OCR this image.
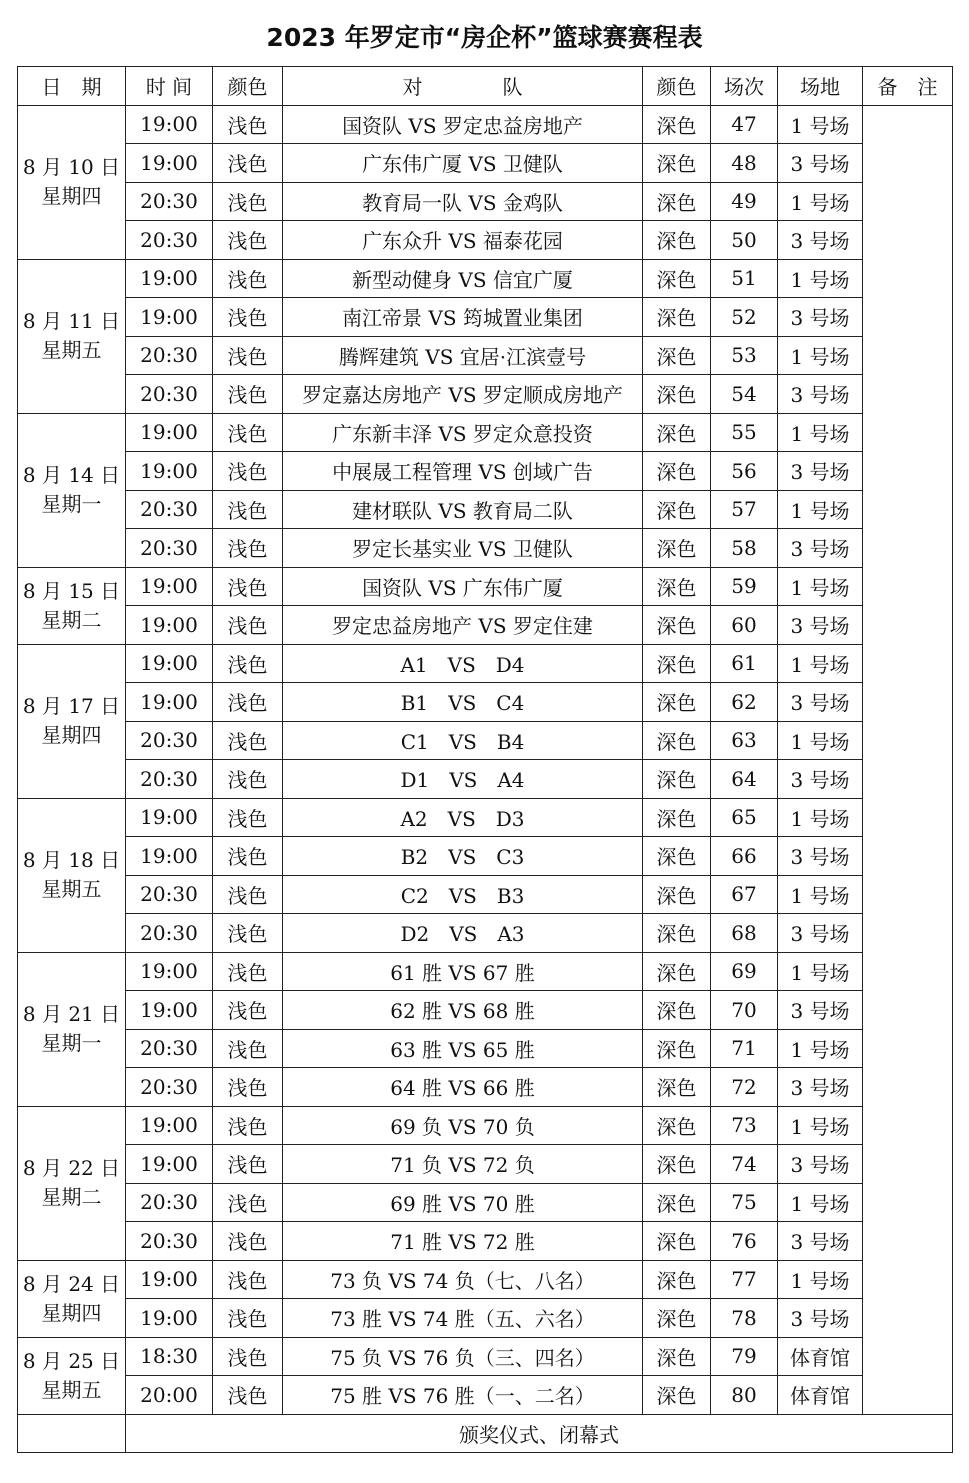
2023 年罗定市“房企杯”篮球赛赛程表
日　期	时 间	颜色	对　　　　队	颜色	场次	场地	备　注

8 月 10 日
星期四	19:00	浅色	国资队 VS 罗定忠益房地产	深色	47	1 号场	
	19:00	浅色	广东伟广厦 VS 卫健队	深色	48	3 号场	
	20:30	浅色	教育局一队 VS 金鸡队	深色	49	1 号场	
	20:30	浅色	广东众升 VS 福泰花园	深色	50	3 号场	

8 月 11 日
星期五	19:00	浅色	新型动健身 VS 信宜广厦	深色	51	1 号场	
	19:00	浅色	南江帝景 VS 筠城置业集团	深色	52	3 号场	
	20:30	浅色	腾辉建筑 VS 宜居·江滨壹号	深色	53	1 号场	
	20:30	浅色	罗定嘉达房地产 VS 罗定顺成房地产	深色	54	3 号场	

8 月 14 日
星期一	19:00	浅色	广东新丰泽 VS 罗定众意投资	深色	55	1 号场	
	19:00	浅色	中展晟工程管理 VS 创域广告	深色	56	3 号场	
	20:30	浅色	建材联队 VS 教育局二队	深色	57	1 号场	
	20:30	浅色	罗定长基实业 VS 卫健队	深色	58	3 号场	

8 月 15 日
星期二	19:00	浅色	国资队 VS 广东伟广厦	深色	59	1 号场	
	19:00	浅色	罗定忠益房地产 VS 罗定住建	深色	60	3 号场	

8 月 17 日
星期四	19:00	浅色	A1　VS　D4	深色	61	1 号场	
	19:00	浅色	B1　VS　C4	深色	62	3 号场	
	20:30	浅色	C1　VS　B4	深色	63	1 号场	
	20:30	浅色	D1　VS　A4	深色	64	3 号场	

8 月 18 日
星期五	19:00	浅色	A2　VS　D3	深色	65	1 号场	
	19:00	浅色	B2　VS　C3	深色	66	3 号场	
	20:30	浅色	C2　VS　B3	深色	67	1 号场	
	20:30	浅色	D2　VS　A3	深色	68	3 号场	

8 月 21 日
星期一	19:00	浅色	61 胜 VS 67 胜	深色	69	1 号场	
	19:00	浅色	62 胜 VS 68 胜	深色	70	3 号场	
	20:30	浅色	63 胜 VS 65 胜	深色	71	1 号场	
	20:30	浅色	64 胜 VS 66 胜	深色	72	3 号场	

8 月 22 日
星期二	19:00	浅色	69 负 VS 70 负	深色	73	1 号场	
	19:00	浅色	71 负 VS 72 负	深色	74	3 号场	
	20:30	浅色	69 胜 VS 70 胜	深色	75	1 号场	
	20:30	浅色	71 胜 VS 72 胜	深色	76	3 号场	

8 月 24 日
星期四	19:00	浅色	73 负 VS 74 负（七、八名）	深色	77	1 号场	
	19:00	浅色	73 胜 VS 74 胜（五、六名）	深色	78	3 号场	

8 月 25 日
星期五	18:30	浅色	75 负 VS 76 负（三、四名）	深色	79	体育馆	
	20:00	浅色	75 胜 VS 76 胜（一、二名）	深色	80	体育馆	
	颁奖仪式、闭幕式						
